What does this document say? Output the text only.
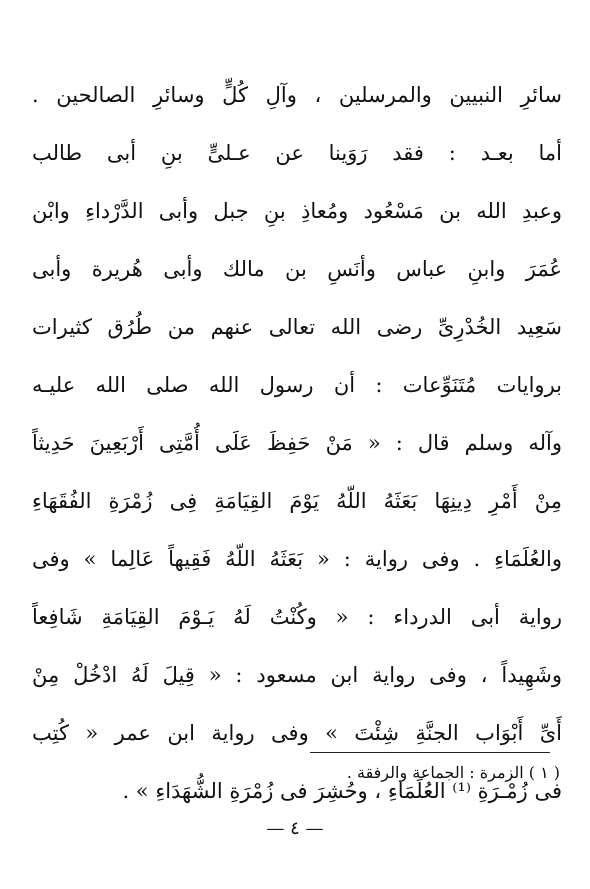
سائرِ النبيين والمرسلين ، وآلِ كُلٍّ وسائرِ الصالحين .
أما بعـد : فقد رَوَينا عن عـلىٍّ بنِ أبى طالب
وعبدِ الله بن مَسْعُود ومُعاذِ بنِ جبل وأبى الدَّرْداءِ وابْن
عُمَرَ وابنِ عباس وأنَسِ بن مالك وأبى هُريرة وأبى
سَعِيد الخُدْرِىِّ رضى الله تعالى عنهم من طُرُق كثيرات
بروايات مُتَنَوِّعات : أن رسول الله صلى الله عليـه
وآله وسلم قال : « مَنْ حَفِظَ عَلَى أُمَّتِى أَرْبَعِينَ حَدِيثاً
مِنْ أَمْرِ دِينِهَا بَعَثَهُ اللّهُ يَوْمَ القِيَامَةِ فِى زُمْرَةِ الفُقَهَاءِ
والعُلَمَاءِ . وفى رواية : « بَعَثَهُ اللّهُ فَقِيهاً عَالِما » وفى
رواية أبى الدرداء : « وكُنْتُ لَهُ يَـوْمَ القِيَامَةِ شَافِعاً
وشَهِيداً ، وفى رواية ابن مسعود : « قِيلَ لَهُ ادْخُلْ مِنْ
أَىِّ أَبْوَاب الجنَّةِ شِئْتَ » وفى رواية ابن عمر « كُتِب
فى زُمْـرَةِ ⁽¹⁾ العُلَمَاءِ ، وحُشِرَ فى زُمْرَةِ الشُّهَدَاءِ » .
( ١ ) الزمرة : الجماعة والرفقة .
— ٤ —
